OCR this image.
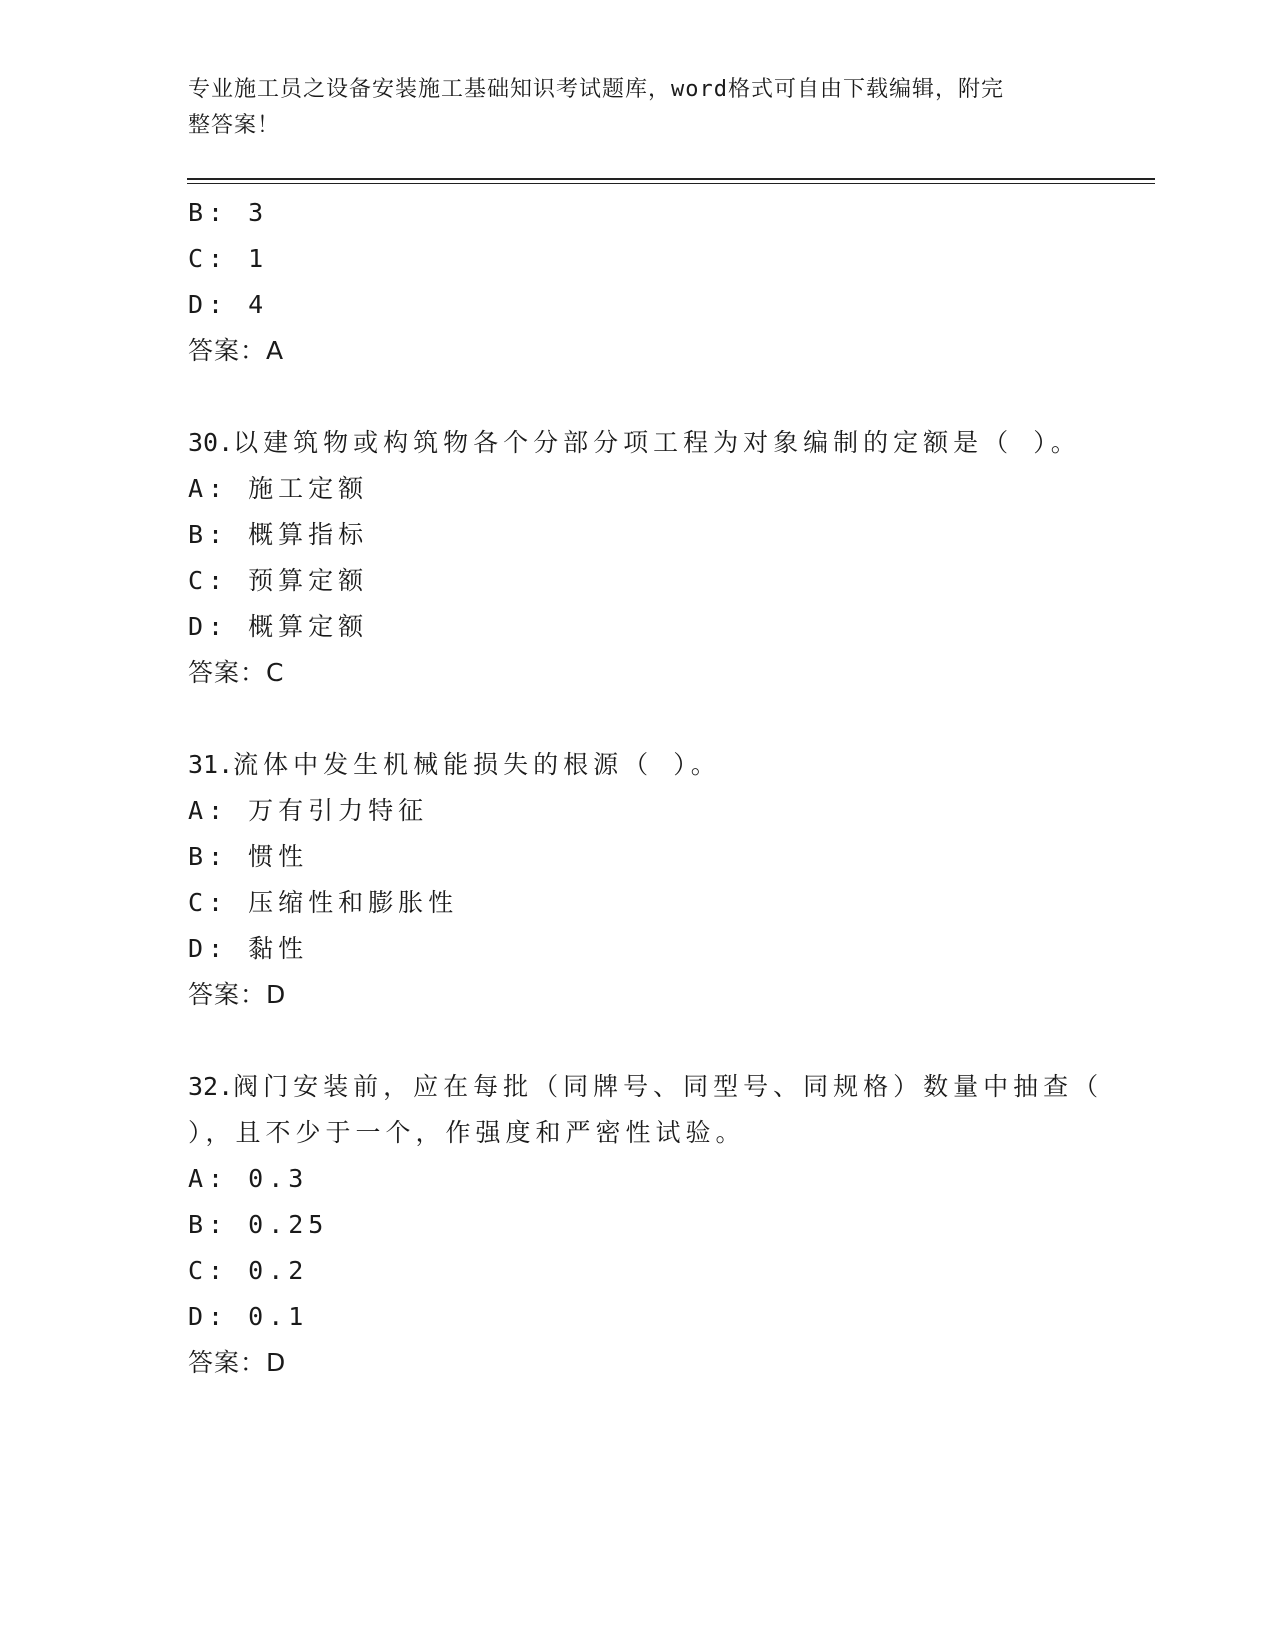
专业施工员之设备安装施工基础知识考试题库，word格式可自由下载编辑，附完
整答案！
B: 3
C: 1
D: 4
答案：A
30.以建筑物或构筑物各个分部分项工程为对象编制的定额是（ ）。
A: 施工定额
B: 概算指标
C: 预算定额
D: 概算定额
答案：C
31.流体中发生机械能损失的根源（ ）。
A: 万有引力特征
B: 惯性
C: 压缩性和膨胀性
D: 黏性
答案：D
32.阀门安装前，应在每批（同牌号、同型号、同规格）数量中抽查（
），且不少于一个，作强度和严密性试验。
A: 0.3
B: 0.25
C: 0.2
D: 0.1
答案：D
